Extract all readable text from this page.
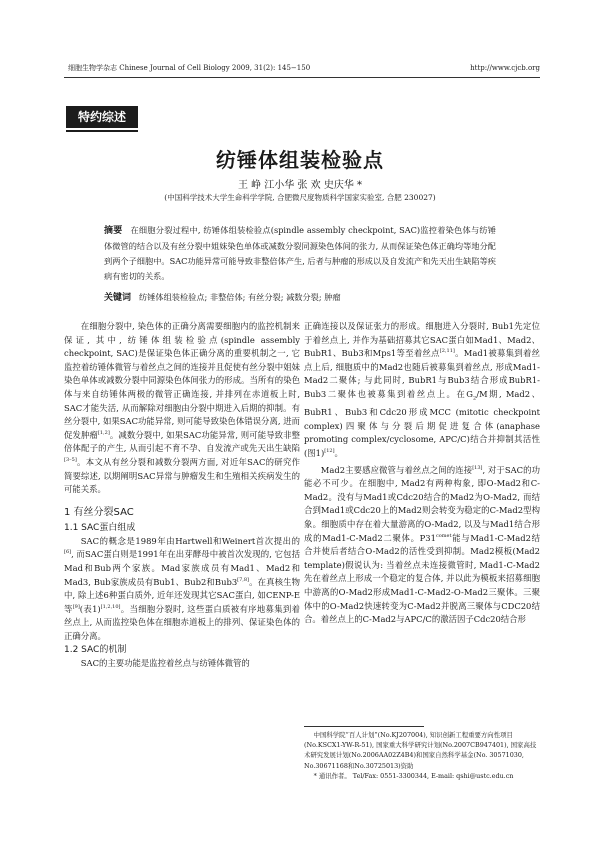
细胞生物学杂志 Chinese Journal of Cell Biology 2009, 31(2): 145−150	http://www.cjcb.org
特约综述
纺锤体组装检验点
王 峥 江小华 张 欢 史庆华 *
(中国科学技术大学生命科学学院, 合肥微尺度物质科学国家实验室, 合肥 230027)
摘要 在细胞分裂过程中, 纺锤体组装检验点(spindle assembly checkpoint, SAC)监控着染色体与纺锤体微管的结合以及有丝分裂中姐妹染色单体或减数分裂同源染色体间的张力, 从而保证染色体正确均等地分配到两个子细胞中。SAC功能异常可能导致非整倍体产生, 后者与肿瘤的形成以及自发流产和先天出生缺陷等疾病有密切的关系。
关键词 纺锤体组装检验点; 非整倍体; 有丝分裂; 减数分裂; 肿瘤

在细胞分裂中, 染色体的正确分离需要细胞内的监控机制来保证, 其中, 纺锤体组装检验点(spindle assembly checkpoint, SAC)是保证染色体正确分离的重要机制之一, 它监控着纺锤体微管与着丝点之间的连接并且促使有丝分裂中姐妹染色单体或减数分裂中同源染色体间张力的形成。当所有的染色体与来自纺锤体两极的微管正确连接, 并排列在赤道板上时, SAC才能失活, 从而解除对细胞由分裂中期进入后期的抑制。有丝分裂中, 如果SAC功能异常, 则可能导致染色体错误分离, 进而促发肿瘤[1,2]。减数分裂中, 如果SAC功能异常, 则可能导致非整倍体配子的产生, 从而引起不育不孕、自发流产或先天出生缺陷[3–5]。本文从有丝分裂和减数分裂两方面, 对近年SAC的研究作简要综述, 以期阐明SAC异常与肿瘤发生和生殖相关疾病发生的可能关系。

1 有丝分裂SAC
1.1 SAC蛋白组成

SAC的概念是1989年由Hartwell和Weinert首次提出的[6], 而SAC蛋白则是1991年在出芽酵母中被首次发现的, 它包括Mad和Bub两个家族。Mad家族成员有Mad1、Mad2和Mad3, Bub家族成员有Bub1、Bub2和Bub3[7,8]。在真核生物中, 除上述6种蛋白质外, 近年还发现其它SAC蛋白, 如CENP-E等[9](表1)[1,2,10]。当细胞分裂时, 这些蛋白质被有序地募集到着丝点上, 从而监控染色体在细胞赤道板上的排列、保证染色体的正确分离。

1.2 SAC的机制

SAC的主要功能是监控着丝点与纺锤体微管的

正确连接以及保证张力的形成。细胞进入分裂时, Bub1先定位于着丝点上, 并作为基础招募其它SAC蛋白如Mad1、Mad2、BubR1、Bub3和Mps1等至着丝点[2,11]。Mad1被募集到着丝点上后, 细胞质中的Mad2也随后被募集到着丝点, 形成Mad1-Mad2二聚体; 与此同时, BubR1与Bub3结合形成BubR1-Bub3二聚体也被募集到着丝点上。在$G_2/M$期, Mad2、BubR1、Bub3和Cdc20形成MCC (mitotic checkpoint complex)四聚体与分裂后期促进复合体(anaphase promoting complex/cyclosome, APC/C)结合并抑制其活性(图1)[12]。

Mad2主要感应微管与着丝点之间的连接[13], 对于SAC的功能必不可少。在细胞中, Mad2有两种构象, 即O-Mad2和C-Mad2。没有与Mad1或Cdc20结合的Mad2为O-Mad2, 而结合到Mad1或Cdc20上的Mad2则会转变为稳定的C-Mad2型构象。细胞质中存在着大量游离的O-Mad2, 以及与Mad1结合形成的Mad1-C-Mad2二聚体。P31$^{comet}$能与Mad1-C-Mad2结合并使后者结合O-Mad2的活性受到抑制。Mad2模板(Mad2 template)假说认为: 当着丝点未连接微管时, Mad1-C-Mad2先在着丝点上形成一个稳定的复合体, 并以此为模板来招募细胞中游离的O-Mad2形成Mad1-C-Mad2-O-Mad2三聚体。三聚体中的O-Mad2快速转变为C-Mad2并脱离三聚体与CDC20结合。着丝点上的C-Mad2与APC/C的激活因子Cdc20结合形

中国科学院“百人计划”(No.KJ207004), 知识创新工程重要方向性项目(No.KSCX1-YW-R-51), 国家重大科学研究计划(No.2007CB947401), 国家高技术研究发展计划(No.2006AA02Z4B4)和国家自然科学基金(No. 30571030, No.30671168和No.30725013)资助

* 通讯作者。 Tel/Fax: 0551-3300344, E-mail: qshi@ustc.edu.cn
